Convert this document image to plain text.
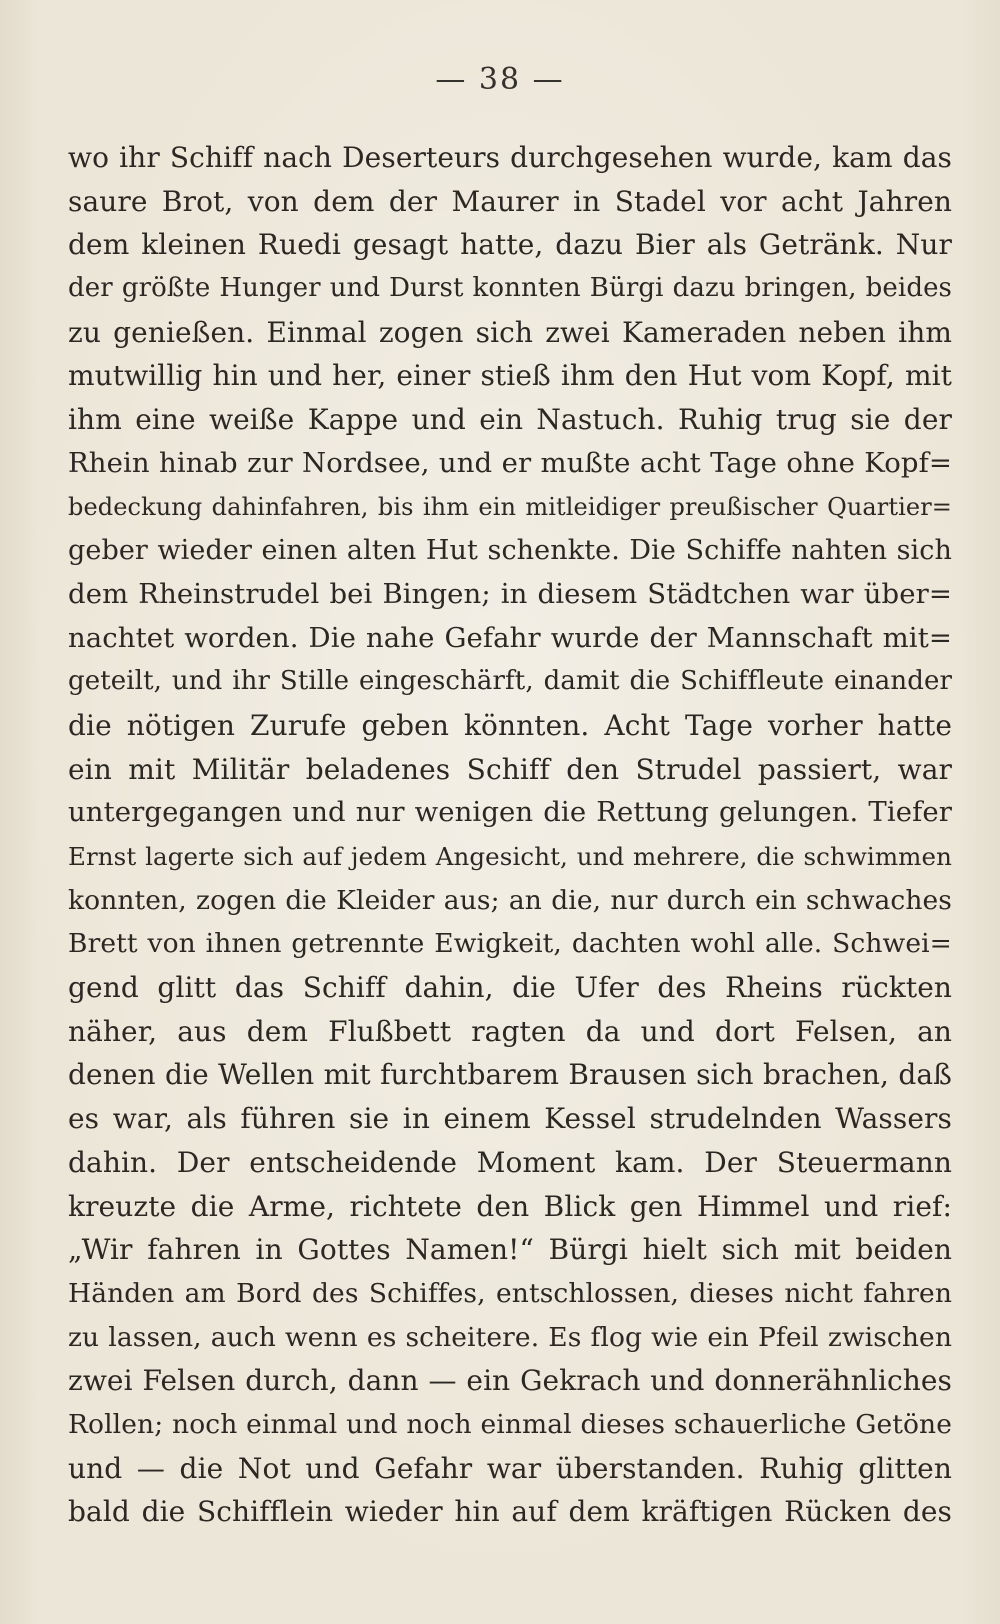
— 38 —
wo ihr Schiff nach Deserteurs durchgesehen wurde, kam das
saure Brot, von dem der Maurer in Stadel vor acht Jahren
dem kleinen Ruedi gesagt hatte, dazu Bier als Getränk. Nur
der größte Hunger und Durst konnten Bürgi dazu bringen, beides
zu genießen. Einmal zogen sich zwei Kameraden neben ihm
mutwillig hin und her, einer stieß ihm den Hut vom Kopf, mit
ihm eine weiße Kappe und ein Nastuch. Ruhig trug sie der
Rhein hinab zur Nordsee, und er mußte acht Tage ohne Kopf=
bedeckung dahinfahren, bis ihm ein mitleidiger preußischer Quartier=
geber wieder einen alten Hut schenkte. Die Schiffe nahten sich
dem Rheinstrudel bei Bingen; in diesem Städtchen war über=
nachtet worden. Die nahe Gefahr wurde der Mannschaft mit=
geteilt, und ihr Stille eingeschärft, damit die Schiffleute einander
die nötigen Zurufe geben könnten. Acht Tage vorher hatte
ein mit Militär beladenes Schiff den Strudel passiert, war
untergegangen und nur wenigen die Rettung gelungen. Tiefer
Ernst lagerte sich auf jedem Angesicht, und mehrere, die schwimmen
konnten, zogen die Kleider aus; an die, nur durch ein schwaches
Brett von ihnen getrennte Ewigkeit, dachten wohl alle. Schwei=
gend glitt das Schiff dahin, die Ufer des Rheins rückten
näher, aus dem Flußbett ragten da und dort Felsen, an
denen die Wellen mit furchtbarem Brausen sich brachen, daß
es war, als führen sie in einem Kessel strudelnden Wassers
dahin. Der entscheidende Moment kam. Der Steuermann
kreuzte die Arme, richtete den Blick gen Himmel und rief:
„Wir fahren in Gottes Namen!“ Bürgi hielt sich mit beiden
Händen am Bord des Schiffes, entschlossen, dieses nicht fahren
zu lassen, auch wenn es scheitere. Es flog wie ein Pfeil zwischen
zwei Felsen durch, dann — ein Gekrach und donnerähnliches
Rollen; noch einmal und noch einmal dieses schauerliche Getöne
und — die Not und Gefahr war überstanden. Ruhig glitten
bald die Schifflein wieder hin auf dem kräftigen Rücken des
